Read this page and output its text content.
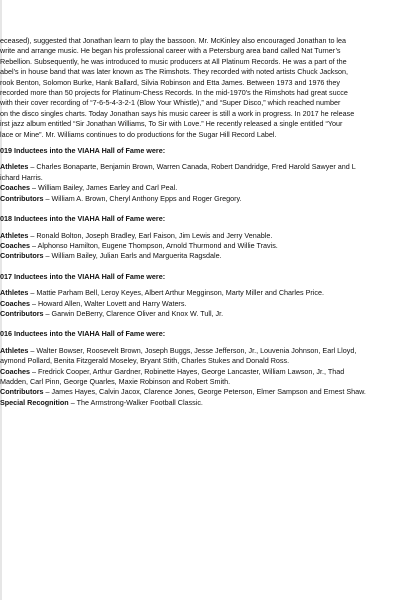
eceased), suggested that Jonathan learn to play the bassoon. Mr. McKinley also encouraged Jonathan to lea
write and arrange music. He began his professional career with a Petersburg area band called Nat Turner’s
Rebellion. Subsequently, he was introduced to music producers at All Platinum Records. He was a part of the
abel’s in house band that was later known as The Rimshots. They recorded with noted artists Chuck Jackson,
rook Benton, Solomon Burke, Hank Ballard, Silvia Robinson and Etta James. Between 1973 and 1976 they
recorded more than 50 projects for Platinum-Chess Records. In the mid-1970’s the Rimshots had great succe
with their cover recording of “7-6-5-4-3-2-1 (Blow Your Whistle),” and “Super Disco,” which reached number
on the disco singles charts. Today Jonathan says his music career is still a work in progress. In 2017 he release
irst jazz album entitled “Sir Jonathan Williams, To Sir with Love.” He recently released a single entitled “Your
lace or Mine”. Mr. Williams continues to do productions for the Sugar Hill Record Label.
019 Inductees into the VIAHA Hall of Fame were:
Athletes – Charles Bonaparte, Benjamin Brown, Warren Canada, Robert Dandridge, Fred Harold Sawyer and L
ichard Harris.
Coaches – William Bailey, James Earley and Carl Peal.
Contributors – William A. Brown, Cheryl Anthony Epps and Roger Gregory.
018 Inductees into the VIAHA Hall of Fame were:
Athletes – Ronald Bolton, Joseph Bradley, Earl Faison, Jim Lewis and Jerry Venable.
Coaches – Alphonso Hamilton, Eugene Thompson, Arnold Thurmond and Willie Travis.
Contributors – William Bailey, Julian Earls and Marguerita Ragsdale.
017 Inductees into the VIAHA Hall of Fame were:
Athletes – Mattie Parham Bell, Leroy Keyes, Albert Arthur Megginson, Marty Miller and Charles Price.
Coaches – Howard Allen, Walter Lovett and Harry Waters.
Contributors – Garwin DeBerry, Clarence Oliver and Knox W. Tull, Jr.
016 Inductees into the VIAHA Hall of Fame were:
Athletes – Walter Bowser, Roosevelt Brown, Joseph Buggs, Jesse Jefferson, Jr., Louvenia Johnson, Earl Lloyd,
aymond Pollard, Benita Fitzgerald Moseley, Bryant Stith, Charles Stukes and Donald Ross.
Coaches – Fredrick Cooper, Arthur Gardner, Robinette Hayes, George Lancaster, William Lawson, Jr., Thad
Madden, Carl Pinn, George Quarles, Maxie Robinson and Robert Smith.
Contributors – James Hayes, Calvin Jacox, Clarence Jones, George Peterson, Elmer Sampson and Ernest Shaw.
Special Recognition – The Armstrong-Walker Football Classic.
